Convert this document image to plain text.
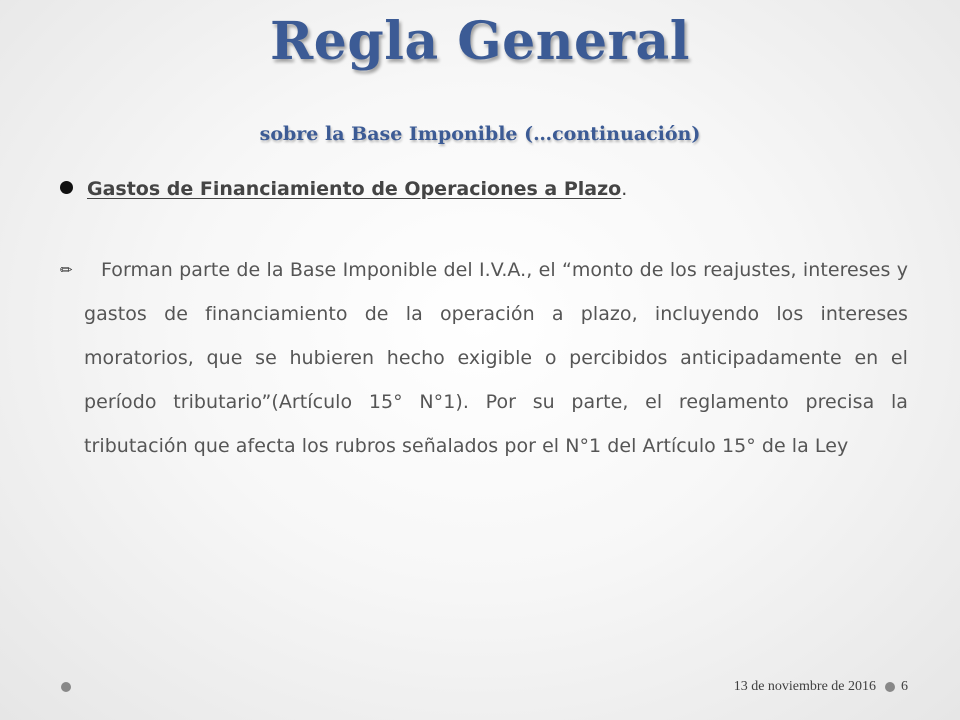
Regla General
sobre la Base Imponible (…continuación)
Gastos de Financiamiento de Operaciones a Plazo.
✏	Forman parte de la Base Imponible del I.V.A., el “monto de los reajustes, intereses y gastos de financiamiento de la operación a plazo, incluyendo los intereses moratorios, que se hubieren hecho exigible o percibidos anticipadamente en el período tributario”(Artículo 15° N°1). Por su parte, el reglamento precisa la tributación que afecta los rubros señalados por el N°1 del Artículo 15° de la Ley

13 de noviembre de 2016 6
